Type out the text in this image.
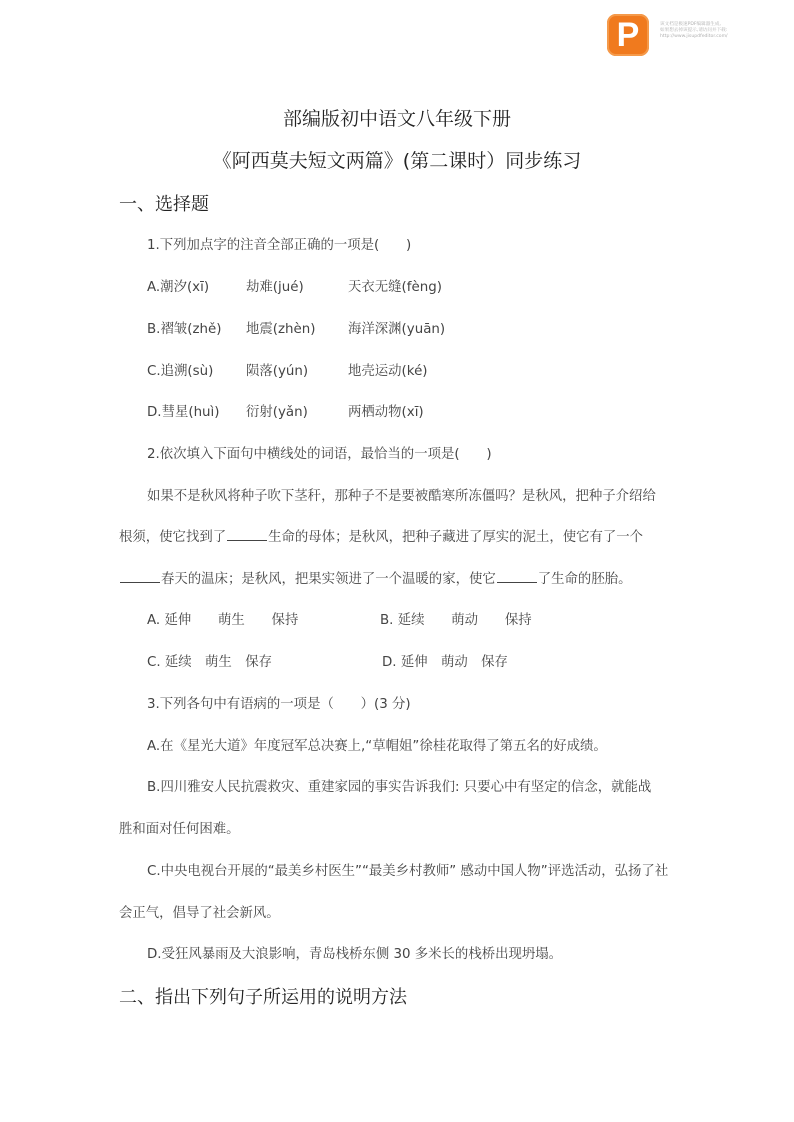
P	该文档是极速PDF编辑器生成,
如果想去掉该提示,请访问并下载:
http://www.jisupdfeditor.com/
部编版初中语文八年级下册
《阿西莫夫短文两篇》(第二课时）同步练习
一、选择题
1.下列加点字的注音全部正确的一项是(　　)
A.潮汐(xī)	劫难(jué)	天衣无缝(fèng)
B.褶皱(zhě) 地震(zhèn) 海洋深渊(yuān)
C.追溯(sù) 陨落(yún)	地壳运动(ké)
D.彗星(huì) 衍射(yǎn)	两栖动物(xī)
2.依次填入下面句中横线处的词语，最恰当的一项是(　　)
如果不是秋风将种子吹下茎秆，那种子不是要被酷寒所冻僵吗？是秋风，把种子介绍给
根须，使它找到了	生命的母体；是秋风，把种子藏进了厚实的泥土，使它有了一个
春天的温床；是秋风，把果实领进了一个温暖的家，使它	了生命的胚胎。
A. 延伸　　萌生　　保持	B. 延续　　萌动　　保持
C. 延续　萌生　保存	D. 延伸　萌动　保存
3.下列各句中有语病的一项是（　　）(3 分)
A.在《星光大道》年度冠军总决赛上,“草帽姐”徐桂花取得了第五名的好成绩。
B.四川雅安人民抗震救灾、重建家园的事实告诉我们: 只要心中有坚定的信念，就能战
胜和面对任何困难。
C.中央电视台开展的“最美乡村医生”“最美乡村教师” 感动中国人物”评选活动，弘扬了社
会正气，倡导了社会新风。
D.受狂风暴雨及大浪影响，青岛栈桥东侧 30 多米长的栈桥出现坍塌。
二、指出下列句子所运用的说明方法
